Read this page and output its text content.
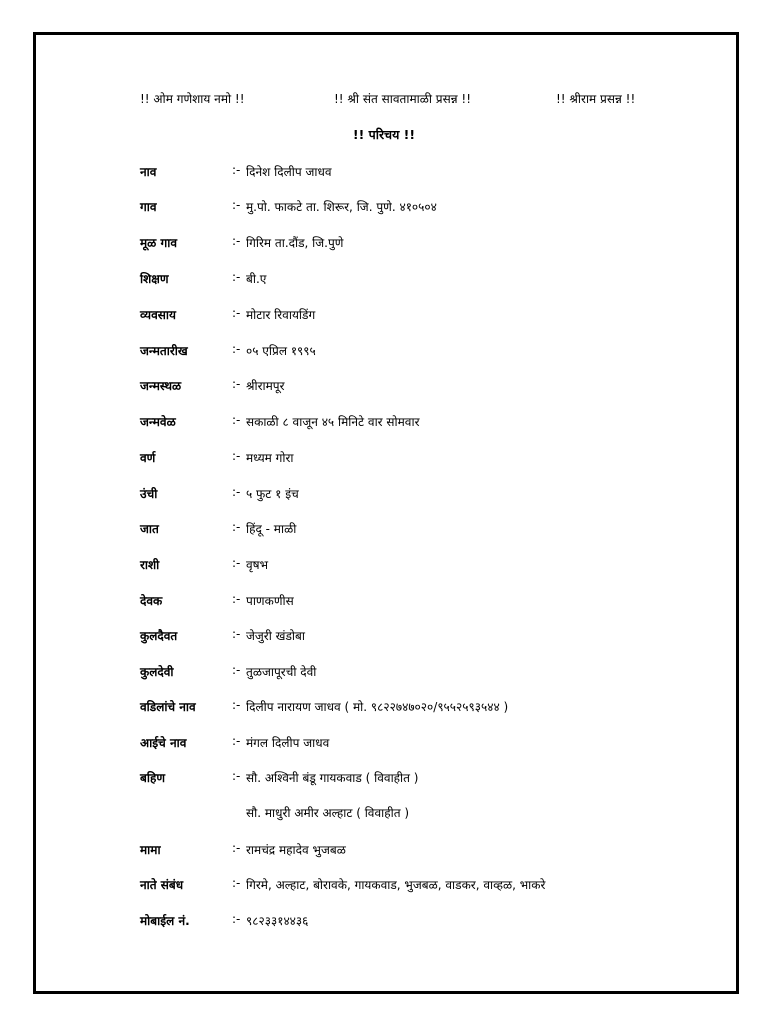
!! ओम गणेशाय नमो !!	!! श्री संत सावतामाळी प्रसन्न !!	!! श्रीराम प्रसन्न !!
!! परिचय !!
नाव	:- दिनेश दिलीप जाधव
गाव	:- मु.पो. फाकटे ता. शिरूर, जि. पुणे. ४१०५०४
मूळ गाव	:- गिरिम ता.दौंड, जि.पुणे
शिक्षण	:- बी.ए
व्यवसाय	:- मोटार रिवायडिंग
जन्मतारीख	:- ०५ एप्रिल १९९५
जन्मस्थळ	:- श्रीरामपूर
जन्मवेळ	:- सकाळी ८ वाजून ४५ मिनिटे वार सोमवार
वर्ण	:- मध्यम गोरा
उंची	:- ५ फुट १ इंच
जात	:- हिंदू - माळी
राशी	:- वृषभ
देवक	:- पाणकणीस
कुलदैवत	:- जेजुरी खंडोबा
कुलदेवी	:- तुळजापूरची देवी
वडिलांचे नाव	:- दिलीप नारायण जाधव ( मो. ९८२२७४७०२०/९५५२५९३५४४ )
आईचे नाव	:- मंगल दिलीप जाधव
बहिण	:- सौ. अश्विनी बंडू गायकवाड ( विवाहीत )
सौ. माधुरी अमीर अल्हाट ( विवाहीत )
मामा	:- रामचंद्र महादेव भुजबळ
नाते संबंध	:- गिरमे, अल्हाट, बोरावके, गायकवाड, भुजबळ, वाडकर, वाव्हळ, भाकरे
मोबाईल नं.	:- ९८२३३१४४३६
